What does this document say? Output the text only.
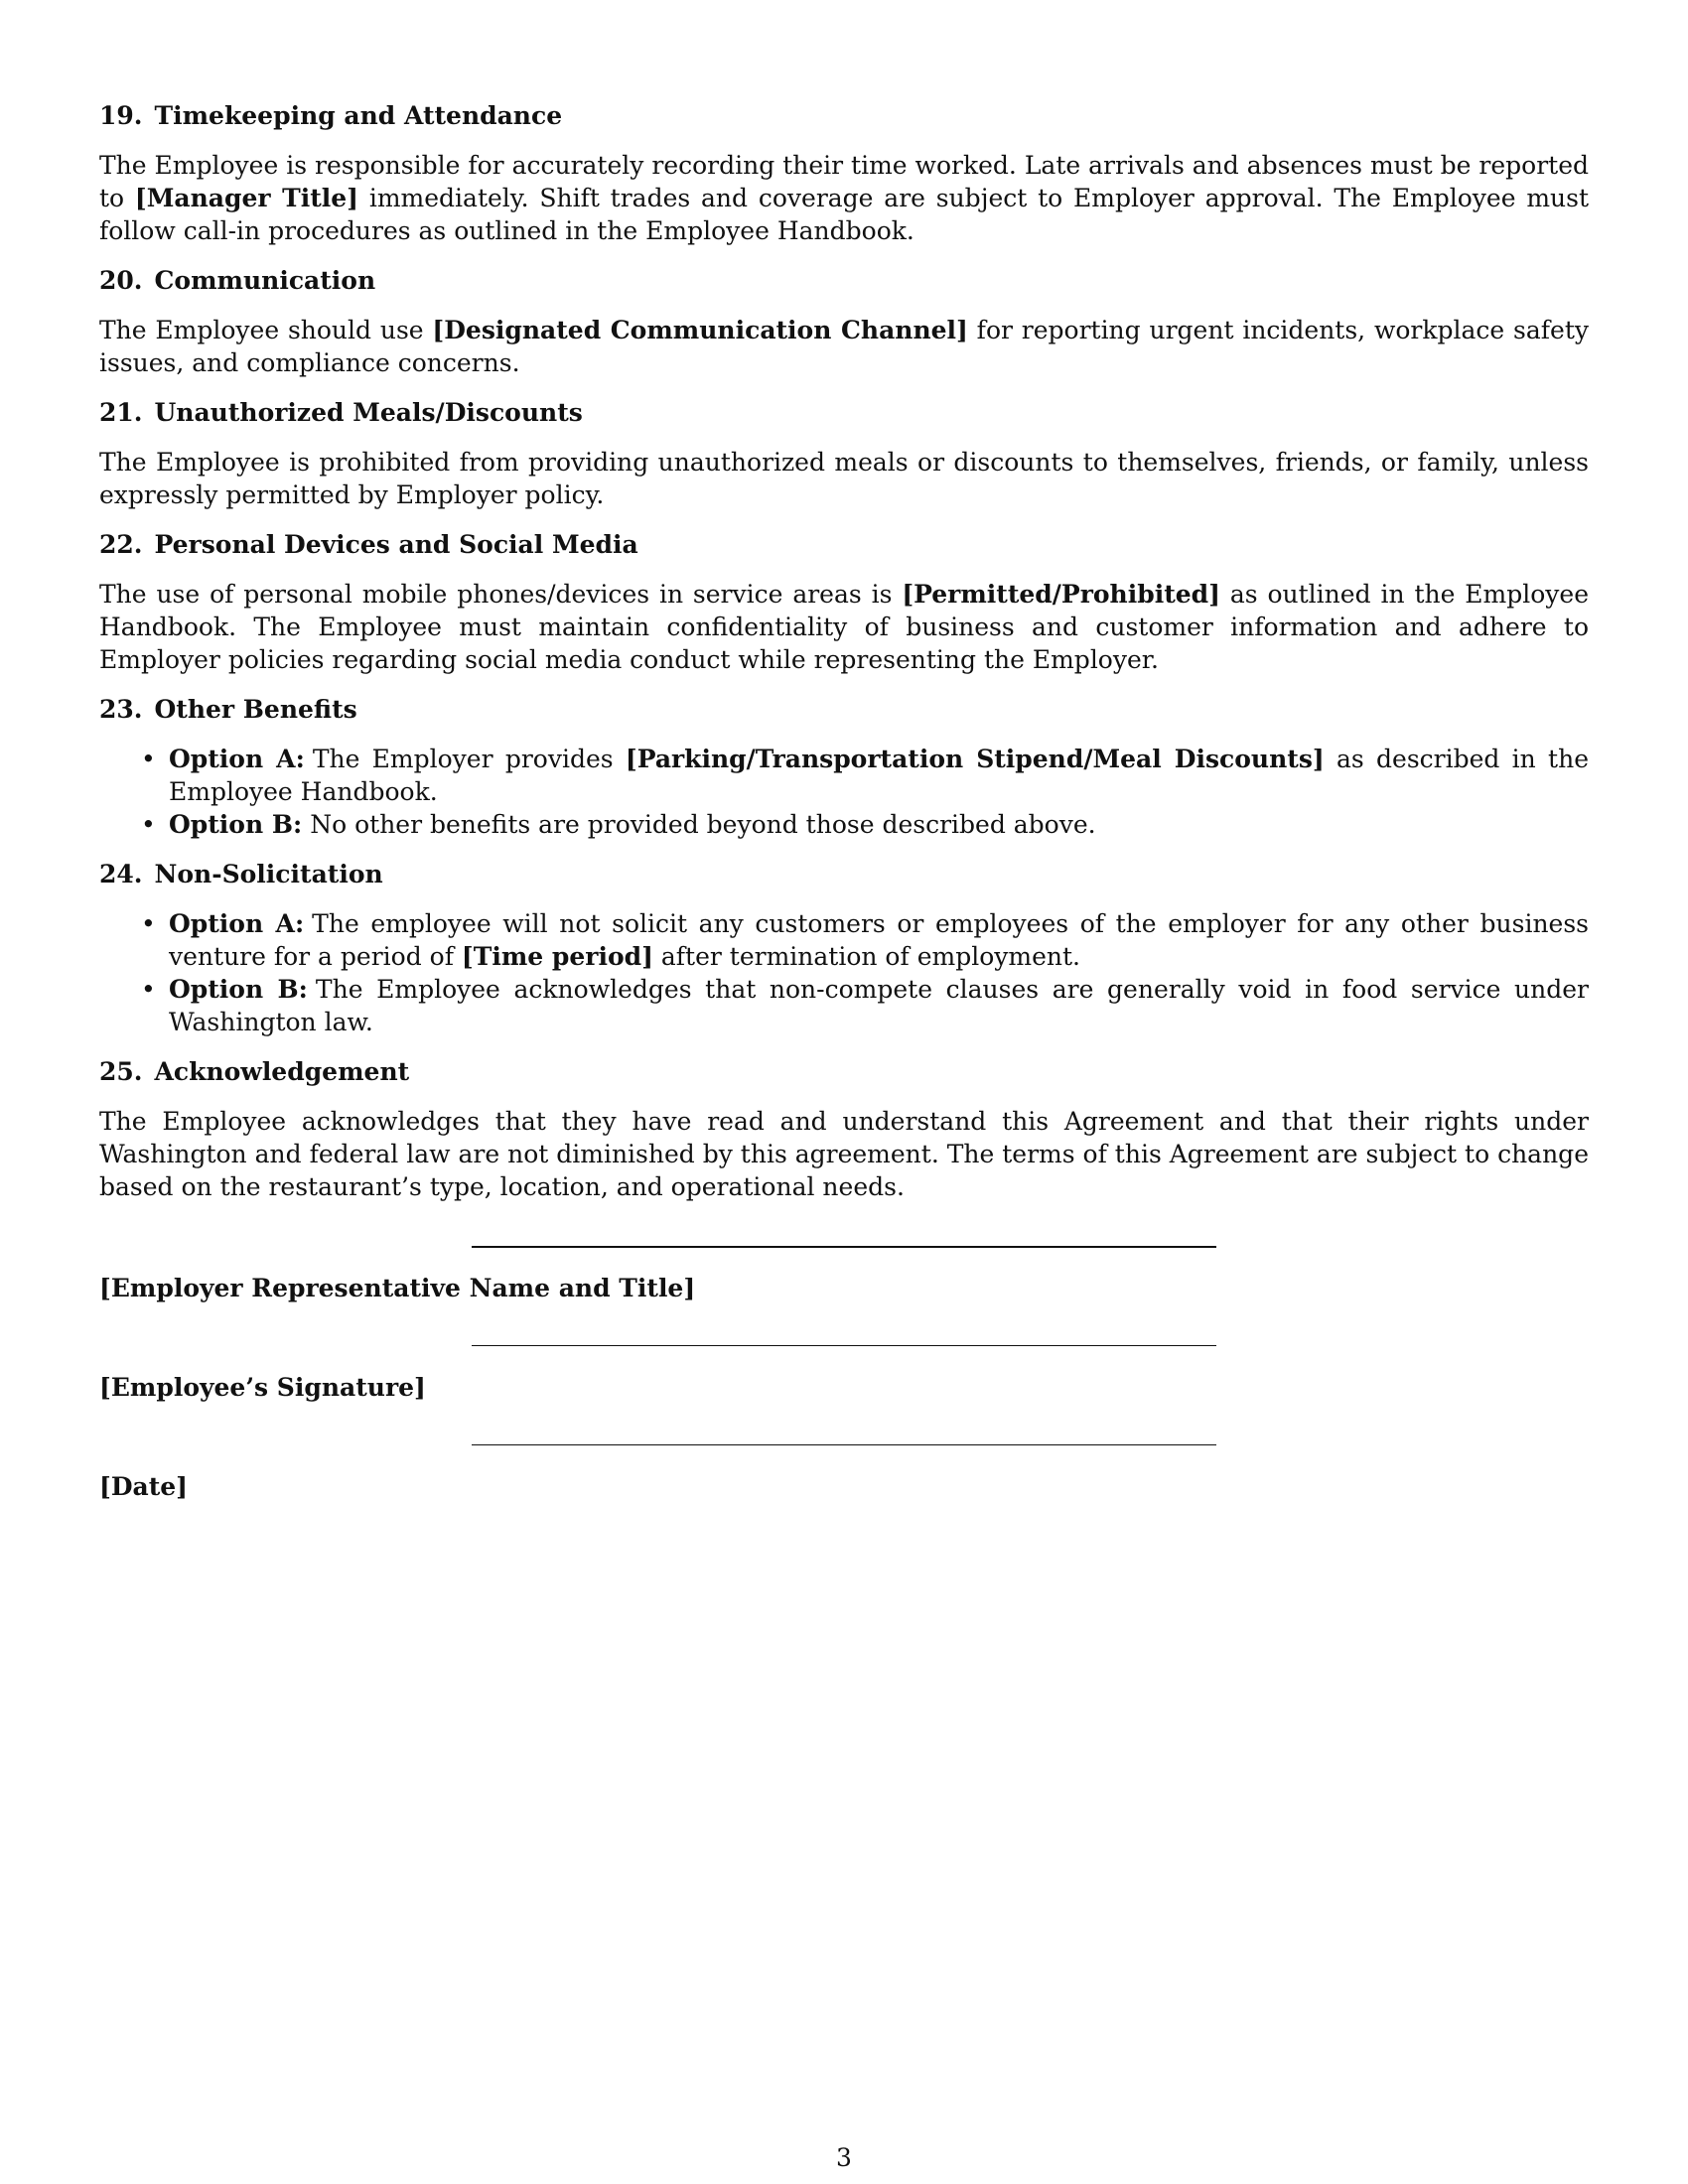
19. Timekeeping and Attendance

The Employee is responsible for accurately recording their time worked. Late arrivals and absences must be reported to [Manager Title] immediately. Shift trades and coverage are subject to Employer approval. The Employee must follow call-in procedures as outlined in the Employee Handbook.

20. Communication

The Employee should use [Designated Communication Channel] for reporting urgent incidents, workplace safety issues, and compliance concerns.

21. Unauthorized Meals/Discounts

The Employee is prohibited from providing unauthorized meals or discounts to themselves, friends, or family, unless expressly permitted by Employer policy.

22. Personal Devices and Social Media

The use of personal mobile phones/devices in service areas is [Permitted/Prohibited] as outlined in the Employee Handbook. The Employee must maintain confidentiality of business and customer information and adhere to Employer policies regarding social media conduct while representing the Employer.

23. Other Benefits
• Option A: The Employer provides [Parking/Transportation Stipend/Meal Discounts] as described in the Employee Handbook.
• Option B: No other benefits are provided beyond those described above.
24. Non-Solicitation
• Option A: The employee will not solicit any customers or employees of the employer for any other business venture for a period of [Time period] after termination of employment.
• Option B: The Employee acknowledges that non-compete clauses are generally void in food service under Washington law.
25. Acknowledgement

The Employee acknowledges that they have read and understand this Agreement and that their rights under Washington and federal law are not diminished by this agreement. The terms of this Agreement are subject to change based on the restaurant’s type, location, and operational needs.

[Employer Representative Name and Title]
[Employee’s Signature]
[Date]
3
